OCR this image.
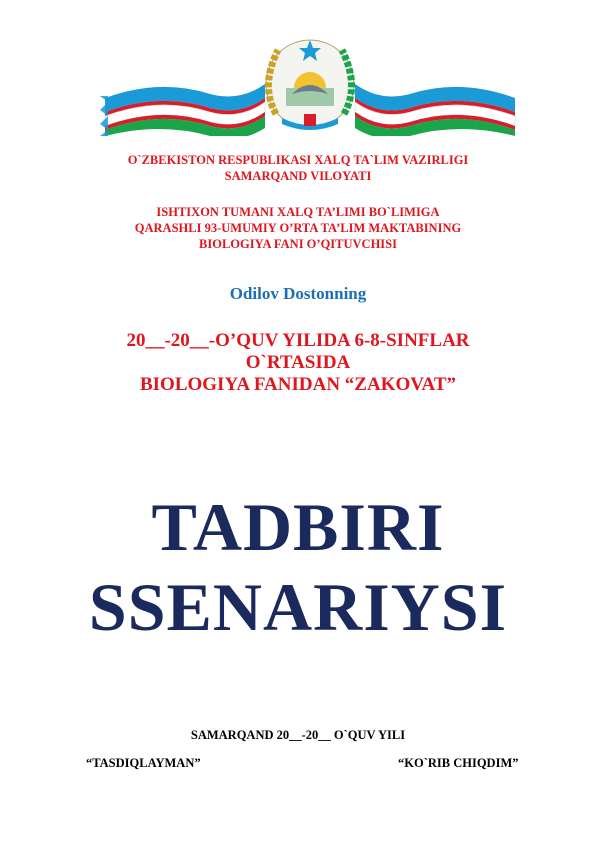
O`ZBEKISTON RESPUBLIKASI XALQ TA`LIM VAZIRLIGI
SAMARQAND VILOYATI
ISHTIXON TUMANI XALQ TA’LIMI BO`LIMIGA
QARASHLI 93-UMUMIY O’RTA TA’LIM MAKTABINING
BIOLOGIYA FANI O’QITUVCHISI
Odilov Dostonning
20__-20__-O’QUV YILIDA 6-8-SINFLAR
O`RTASIDA
BIOLOGIYA FANIDAN “ZAKOVAT”
TADBIRI
SSENARIYSI
SAMARQAND 20__-20__ O`QUV YILI
“TASDIQLAYMAN”	“KO`RIB CHIQDIM”
